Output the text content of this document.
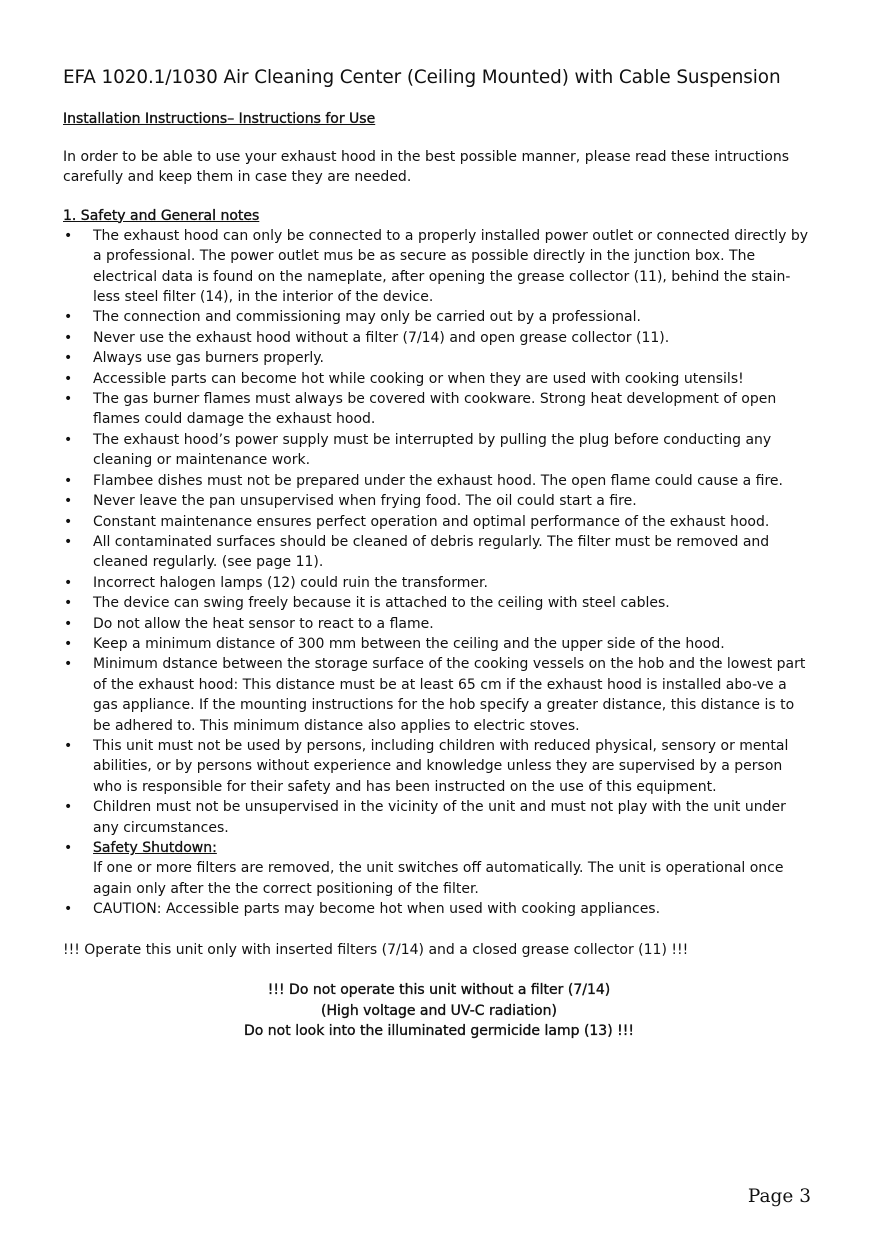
EFA 1020.1/1030 Air Cleaning Center (Ceiling Mounted) with Cable Suspension
Installation Instructions– Instructions for Use

In order to be able to use your exhaust hood in the best possible manner, please read these intructions carefully and keep them in case they are needed.

1. Safety and General notes
• The exhaust hood can only be connected to a properly installed power outlet or connected directly by a professional. The power outlet mus be as secure as possible directly in the junction box. The electrical data is found on the nameplate, after opening the grease collector (11), behind the stain-less steel filter (14), in the interior of the device.
• The connection and commissioning may only be carried out by a professional.
• Never use the exhaust hood without a filter (7/14) and open grease collector (11).
• Always use gas burners properly.
• Accessible parts can become hot while cooking or when they are used with cooking utensils!
• The gas burner flames must always be covered with cookware. Strong heat development of open flames could damage the exhaust hood.
• The exhaust hood’s power supply must be interrupted by pulling the plug before conducting any cleaning or maintenance work.
• Flambee dishes must not be prepared under the exhaust hood. The open flame could cause a fire.
• Never leave the pan unsupervised when frying food. The oil could start a fire.
• Constant maintenance ensures perfect operation and optimal performance of the exhaust hood.
• All contaminated surfaces should be cleaned of debris regularly. The filter must be removed and cleaned regularly. (see page 11).
• Incorrect halogen lamps (12) could ruin the transformer.
• The device can swing freely because it is attached to the ceiling with steel cables.
• Do not allow the heat sensor to react to a flame.
• Keep a minimum distance of 300 mm between the ceiling and the upper side of the hood.
• Minimum dstance between the storage surface of the cooking vessels on the hob and the lowest part of the exhaust hood: This distance must be at least 65 cm if the exhaust hood is installed abo-ve a gas appliance. If the mounting instructions for the hob specify a greater distance, this distance is to be adhered to. This minimum distance also applies to electric stoves.
• This unit must not be used by persons, including children with reduced physical, sensory or mental abilities, or by persons without experience and knowledge unless they are supervised by a person who is responsible for their safety and has been instructed on the use of this equipment.
• Children must not be unsupervised in the vicinity of the unit and must not play with the unit under any circumstances.
• Safety Shutdown:
If one or more filters are removed, the unit switches off automatically. The unit is operational once again only after the the correct positioning of the filter.
• CAUTION: Accessible parts may become hot when used with cooking appliances.
!!! Operate this unit only with inserted filters (7/14) and a closed grease collector (11) !!!
!!! Do not operate this unit without a filter (7/14)
(High voltage and UV-C radiation)
Do not look into the illuminated germicide lamp (13) !!!
Page 3
